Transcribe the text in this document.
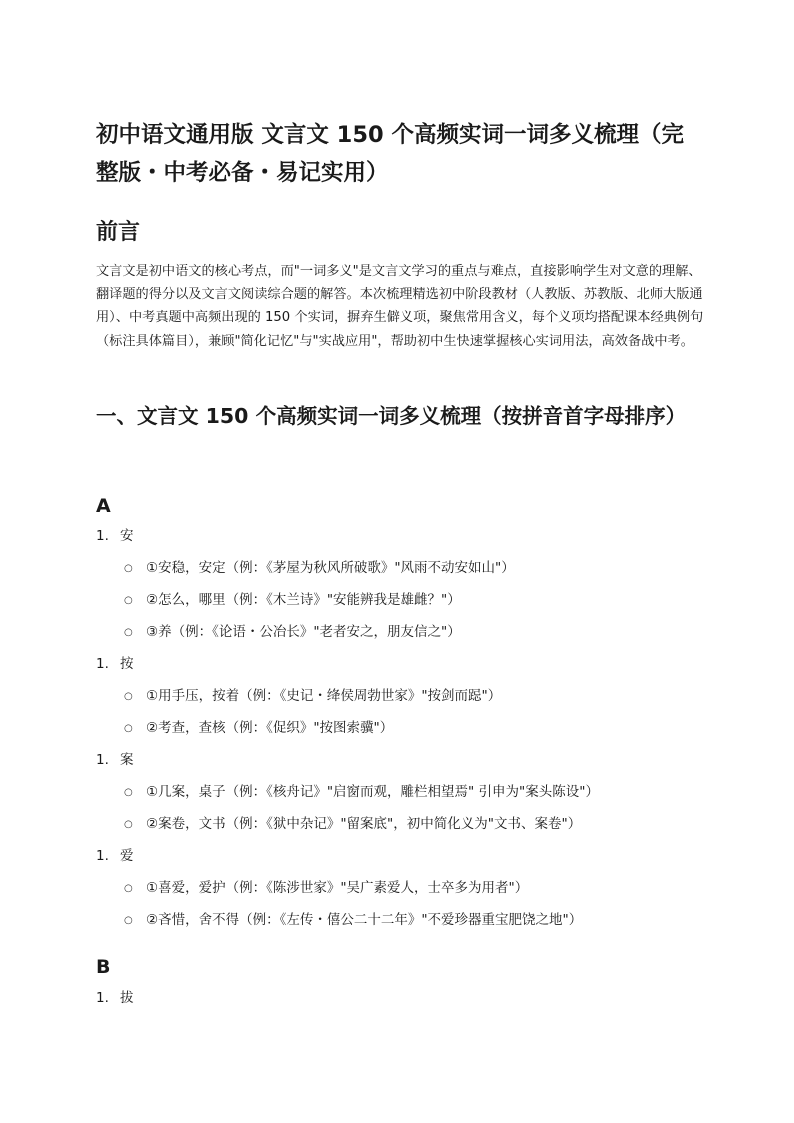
初中语文通用版 文言文 150 个高频实词一词多义梳理（完整版・中考必备・易记实用）
前言

文言文是初中语文的核心考点，而"一词多义"是文言文学习的重点与难点，直接影响学生对文意的理解、翻译题的得分以及文言文阅读综合题的解答。本次梳理精选初中阶段教材（人教版、苏教版、北师大版通用）、中考真题中高频出现的 150 个实词，摒弃生僻义项，聚焦常用含义，每个义项均搭配课本经典例句（标注具体篇目），兼顾"简化记忆"与"实战应用"，帮助初中生快速掌握核心实词用法，高效备战中考。

一、文言文 150 个高频实词一词多义梳理（按拼音首字母排序）
A

1. 安

○ ①安稳，安定（例：《茅屋为秋风所破歌》"风雨不动安如山"）

○ ②怎么，哪里（例：《木兰诗》"安能辨我是雄雌？"）

○ ③养（例：《论语・公冶长》"老者安之，朋友信之"）

1. 按

○ ①用手压，按着（例：《史记・绛侯周勃世家》"按剑而跽"）

○ ②考查，查核（例：《促织》"按图索骥"）

1. 案

○ ①几案，桌子（例：《核舟记》"启窗而观，雕栏相望焉" 引申为"案头陈设"）

○ ②案卷，文书（例：《狱中杂记》"留案底"，初中简化义为"文书、案卷"）

1. 爱

○ ①喜爱，爱护（例：《陈涉世家》"吴广素爱人，士卒多为用者"）

○ ②吝惜，舍不得（例：《左传・僖公二十二年》"不爱珍器重宝肥饶之地"）

B

1. 拔
